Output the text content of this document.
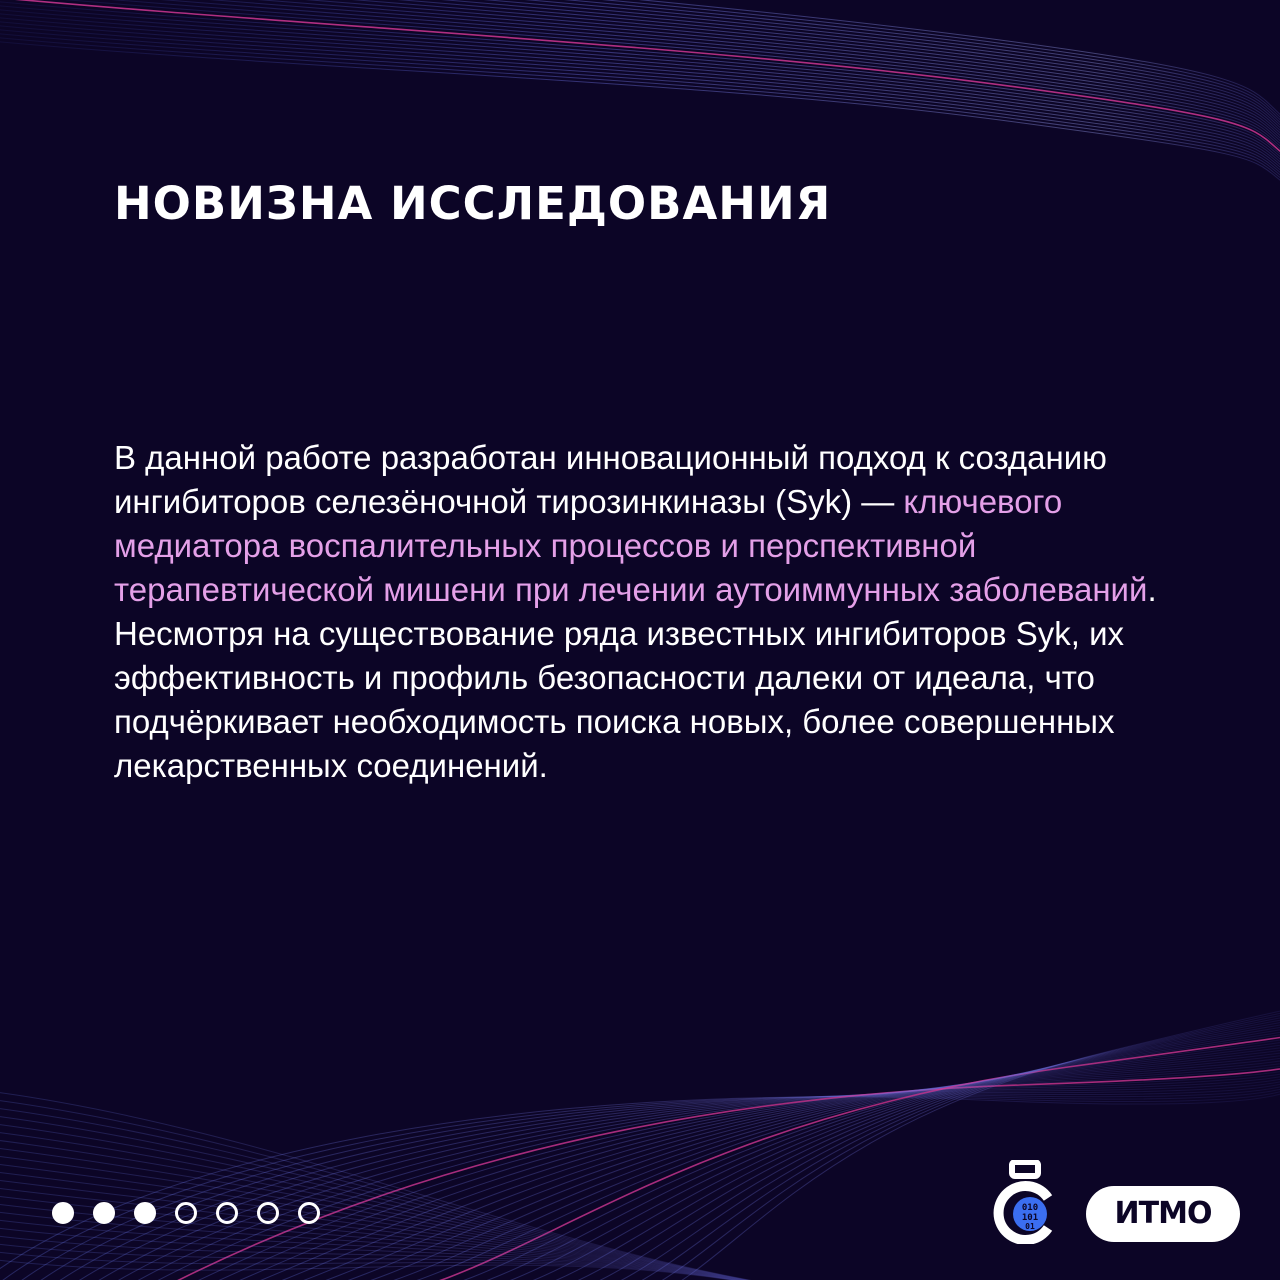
НОВИЗНА ИССЛЕДОВАНИЯ

В данной работе разработан инновационный подход к созданию ингибиторов селезёночной тирозинкиназы (Syk) — ключевого медиатора воспалительных процессов и перспективной терапевтической мишени при лечении аутоиммунных заболеваний. Несмотря на существование ряда известных ингибиторов Syk, их эффективность и профиль безопасности далеки от идеала, что подчёркивает необходимость поиска новых, более совершенных лекарственных соединений.

010
101
01	ИТМО
